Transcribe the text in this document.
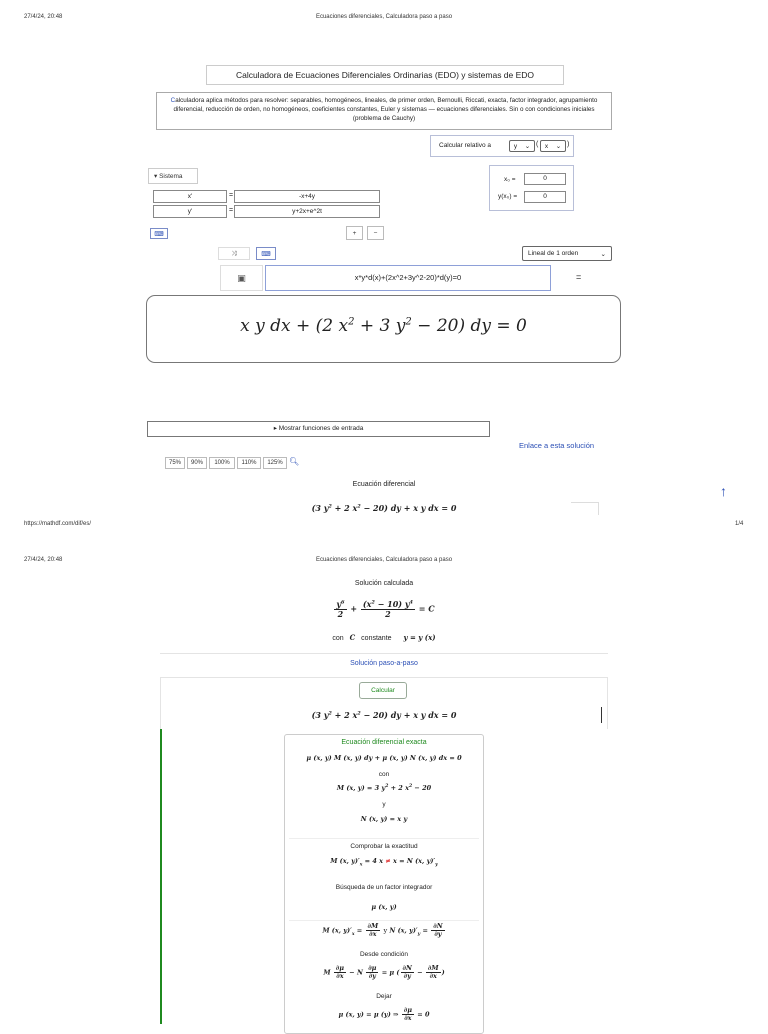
27/4/24, 20:48	Ecuaciones diferenciales, Calculadora paso a paso
Calculadora de Ecuaciones Diferenciales Ordinarias (EDO) y sistemas de EDO
Calculadora aplica métodos para resolver: separables, homogéneos, lineales, de primer orden, Bernoulli, Riccati, exacta, factor integrador, agrupamiento diferencial, reducción de orden, no homogéneos, coeficientes constantes, Euler y sistemas — ecuaciones diferenciales. Sin o con condiciones iniciales (problema de Cauchy)
Calcular relativo a	y ⌄ ( x ⌄ )
x₀ =	0
y(x₀) =	0
▾ Sistema
x'	=	-x+4y
y'	=	y+2x+e^2t
⌨	+	−
⤨	⌨	Lineal de 1 orden	⌄
▣	x*y*d(x)+(2x^2+3y^2-20)*d(y)=0	=
x y dx + (2 $x^2 + 3$ $y^2 - 20$) dy = 0
▸ Mostrar funciones de entrada
Enlace a esta solución
75%	90%	100%	110%	125% 🔍︎
Ecuación diferencial
(3 $y^2 + 2$ $x^2 - 20$) dy + x y dx = 0
↑
https://mathdf.com/dif/es/	1/4
27/4/24, 20:48	Ecuaciones diferenciales, Calculadora paso a paso
Solución calculada
$\frac{y^6}{2} + \frac{(x^2 - 10) y^4}{2} = C$
con C constante y = y (x)
Solución paso-a-paso
Calcular
(3 $y^2 + 2$ $x^2 - 20$) dy + x y dx = 0
Ecuación diferencial exacta
μ (x, y) M (x, y) dy + μ (x, y) N (x, y) dx = 0
con
M (x, y) = 3 $y^2 + 2$ $x^2 - 20$
y
N (x, y) = x y
Comprobar la exactitud
M (x, $y)'_x = 4$ x ≠ x = N (x, $y)'_y$
Búsqueda de un factor integrador
μ (x, y)
M (x, $y)'_x = \frac{\partial M}{\partial x}$ y N (x, $y)'_y = \frac{\partial N}{\partial y}$
Desde condición
M $\frac{\partial\mu}{\partial x} - N \frac{\partial\mu}{\partial y} = \mu$ ( $\frac{\partial N}{\partial y} - \frac{\partial M}{\partial x}$ )
Dejar
μ (x, y) = μ (y) ⇒ $\frac{\partial\mu}{\partial x} = 0$
